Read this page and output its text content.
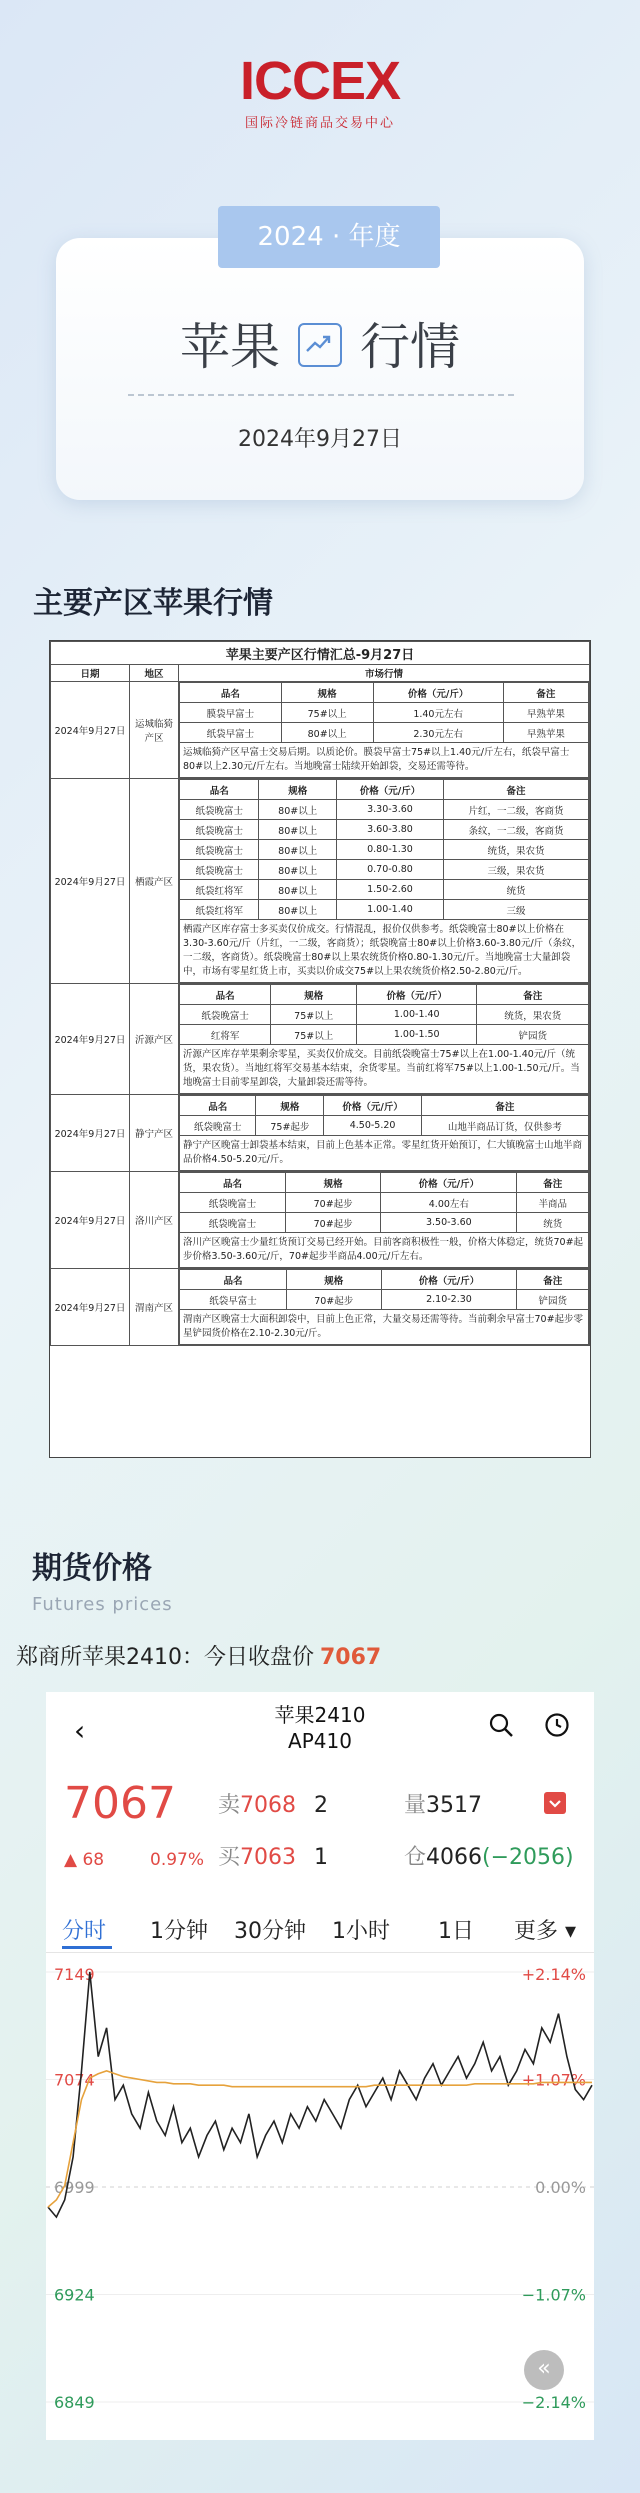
ICCEX
国际冷链商品交易中心
2024 · 年度
苹果 行情
2024年9月27日
主要产区苹果行情
苹果主要产区行情汇总-9月27日
日期	地区	市场行情
2024年9月27日	运城临猗产区	
品名	规格	价格（元/斤）	备注
膜袋早富士	75#以上	1.40元左右	早熟苹果
纸袋早富士	80#以上	2.30元左右	早熟苹果
运城临猗产区早富士交易后期。以质论价。膜袋早富士75#以上1.40元/斤左右，纸袋早富士80#以上2.30元/斤左右。当地晚富士陆续开始卸袋，交易还需等待。

2024年9月27日	栖霞产区	
品名	规格	价格（元/斤）	备注
纸袋晚富士	80#以上	3.30-3.60	片红，一二级，客商货
纸袋晚富士	80#以上	3.60-3.80	条纹，一二级，客商货
纸袋晚富士	80#以上	0.80-1.30	统货，果农货
纸袋晚富士	80#以上	0.70-0.80	三级，果农货
纸袋红将军	80#以上	1.50-2.60	统货
纸袋红将军	80#以上	1.00-1.40	三级
栖霞产区库存富士多买卖仅价成交。行情混乱，报价仅供参考。纸袋晚富士80#以上价格在3.30-3.60元/斤（片红，一二级，客商货）；纸袋晚富士80#以上价格3.60-3.80元/斤（条纹，一二级，客商货）。纸袋晚富士80#以上果农统货价格0.80-1.30元/斤。当地晚富士大量卸袋中，市场有零星红货上市，买卖以价成交75#以上果农统货价格2.50-2.80元/斤。

2024年9月27日	沂源产区	
品名	规格	价格（元/斤）	备注
纸袋晚富士	75#以上	1.00-1.40	统货，果农货
红将军	75#以上	1.00-1.50	铲园货
沂源产区库存苹果剩余零星，买卖仅价成交。目前纸袋晚富士75#以上在1.00-1.40元/斤（统货，果农货）。当地红将军交易基本结束，余货零星。当前红将军75#以上1.00-1.50元/斤。当地晚富士目前零星卸袋，大量卸袋还需等待。

2024年9月27日	静宁产区	
品名	规格	价格（元/斤）	备注
纸袋晚富士	75#起步	4.50-5.20	山地半商品订货，仅供参考
静宁产区晚富士卸袋基本结束，目前上色基本正常。零星红货开始预订，仁大镇晚富士山地半商品价格4.50-5.20元/斤。

2024年9月27日	洛川产区	
品名	规格	价格（元/斤）	备注
纸袋晚富士	70#起步	4.00左右	半商品
纸袋晚富士	70#起步	3.50-3.60	统货
洛川产区晚富士少量红货预订交易已经开始。目前客商积极性一般，价格大体稳定，统货70#起步价格3.50-3.60元/斤，70#起步半商品4.00元/斤左右。

2024年9月27日	渭南产区	
品名	规格	价格（元/斤）	备注
纸袋早富士	70#起步	2.10-2.30	铲园货
渭南产区晚富士大面积卸袋中，目前上色正常，大量交易还需等待。当前剩余早富士70#起步零星铲园货价格在2.10-2.30元/斤。
期货价格
Futures prices
郑商所苹果2410：今日收盘价 7067
‹	苹果2410
AP410
7067
▲ 68	0.97%
卖7068 2
买7063 1
量3517
仓4066(−2056)
分时 1分钟 30分钟 1小时 1日 更多 ▾
7149	+2.14%
7074	+1.07%
6999	0.00%
6924	−1.07%
6849	−2.14%
«
